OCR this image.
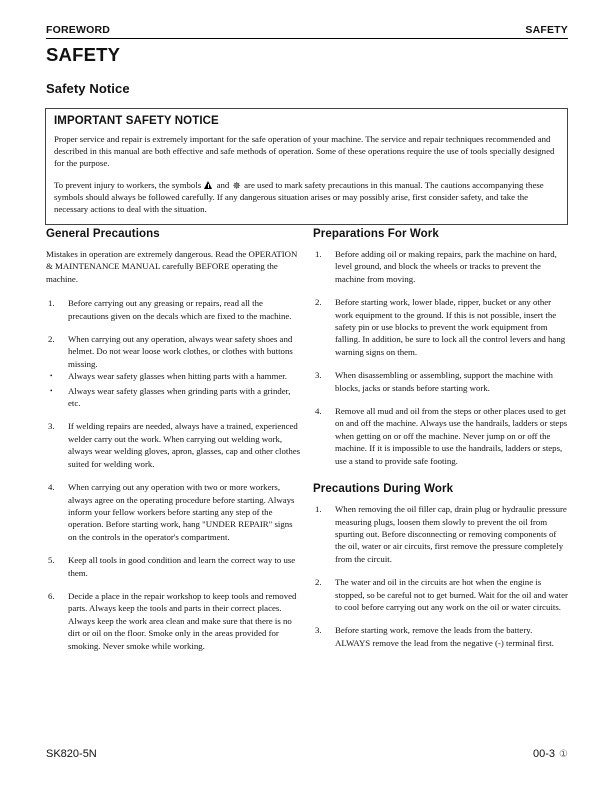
FOREWORD	SAFETY
SAFETY
Safety Notice
IMPORTANT SAFETY NOTICE

Proper service and repair is extremely important for the safe operation of your machine. The service and repair techniques recommended and described in this manual are both effective and safe methods of operation. Some of these operations require the use of tools specially designed for the purpose.

To prevent injury to workers, the symbols and ✵ are used to mark safety precautions in this manual. The cautions accompanying these symbols should always be followed carefully. If any dangerous situation arises or may possibly arise, first consider safety, and take the necessary actions to deal with the situation.

General Precautions

Mistakes in operation are extremely dangerous. Read the OPERATION & MAINTENANCE MANUAL carefully BEFORE operating the machine.

1.	Before carrying out any greasing or repairs, read all the precautions given on the decals which are fixed to the machine.
2.	When carrying out any operation, always wear safety shoes and helmet. Do not wear loose work clothes, or clothes with buttons missing.
•	Always wear safety glasses when hitting parts with a hammer.
•	Always wear safety glasses when grinding parts with a grinder, etc.
3.	If welding repairs are needed, always have a trained, experienced welder carry out the work. When carrying out welding work, always wear welding gloves, apron, glasses, cap and other clothes suited for welding work.
4.	When carrying out any operation with two or more workers, always agree on the operating procedure before starting. Always inform your fellow workers before starting any step of the operation. Before starting work, hang "UNDER REPAIR" signs on the controls in the operator's compartment.
5.	Keep all tools in good condition and learn the correct way to use them.
6.	Decide a place in the repair workshop to keep tools and removed parts. Always keep the tools and parts in their correct places. Always keep the work area clean and make sure that there is no dirt or oil on the floor. Smoke only in the areas provided for smoking. Never smoke while working.
Preparations For Work
1.	Before adding oil or making repairs, park the machine on hard, level ground, and block the wheels or tracks to prevent the machine from moving.
2.	Before starting work, lower blade, ripper, bucket or any other work equipment to the ground. If this is not possible, insert the safety pin or use blocks to prevent the work equipment from falling. In addition, be sure to lock all the control levers and hang warning signs on them.
3.	When disassembling or assembling, support the machine with blocks, jacks or stands before starting work.
4.	Remove all mud and oil from the steps or other places used to get on and off the machine. Always use the handrails, ladders or steps when getting on or off the machine. Never jump on or off the machine. If it is impossible to use the handrails, ladders or steps, use a stand to provide safe footing.
Precautions During Work
1.	When removing the oil filler cap, drain plug or hydraulic pressure measuring plugs, loosen them slowly to prevent the oil from spurting out. Before disconnecting or removing components of the oil, water or air circuits, first remove the pressure completely from the circuit.
2.	The water and oil in the circuits are hot when the engine is stopped, so be careful not to get burned. Wait for the oil and water to cool before carrying out any work on the oil or water circuits.
3.	Before starting work, remove the leads from the battery. ALWAYS remove the lead from the negative (-) terminal first.
SK820-5N	00-3 ①
